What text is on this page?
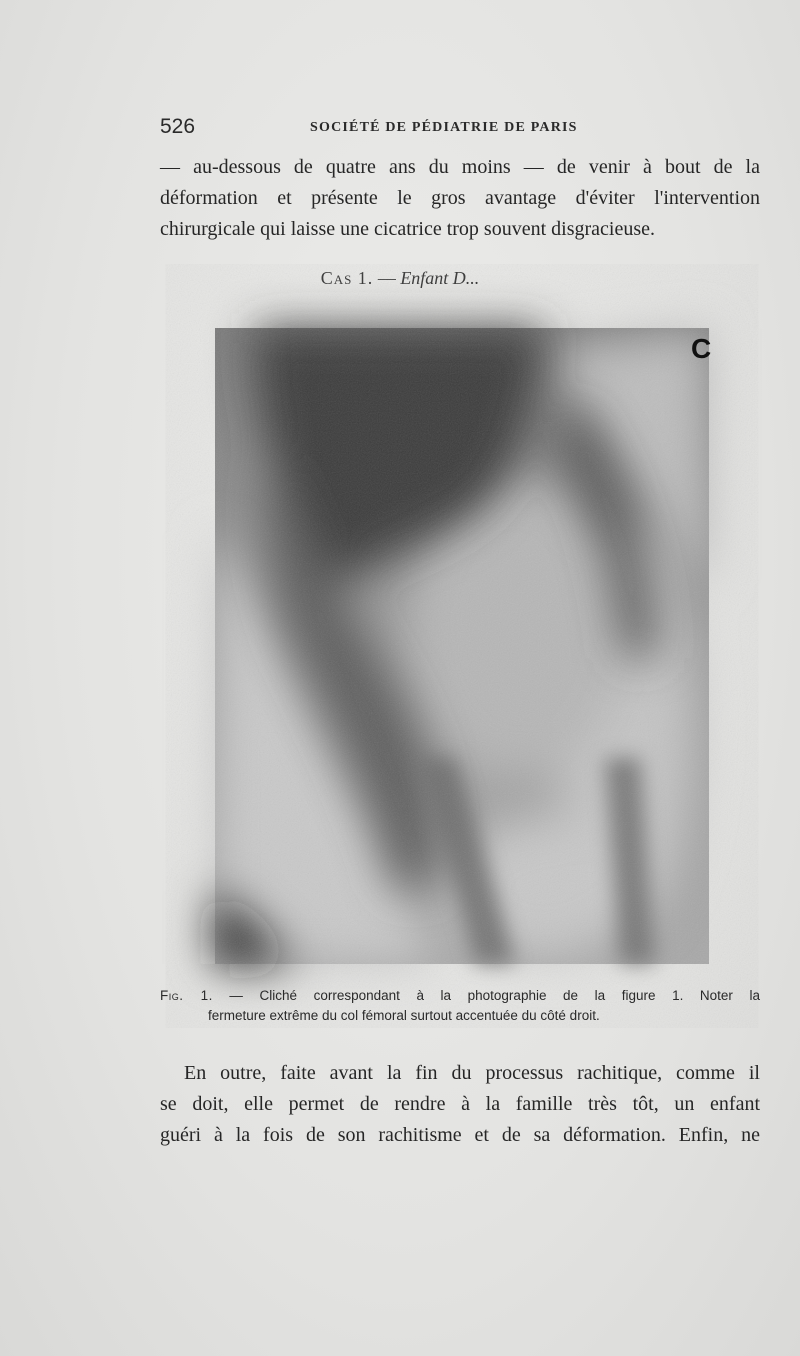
526	SOCIÉTÉ DE PÉDIATRIE DE PARIS

— au-dessous de quatre ans du moins — de venir à bout de la
déformation et présente le gros avantage d'éviter l'intervention
chirurgicale qui laisse une cicatrice trop souvent disgracieuse.

Cas 1. — Enfant D...
C
Fig. 1. — Cliché correspondant à la photographie de la figure 1. Noter la
fermeture extrême du col fémoral surtout accentuée du côté droit.

En outre, faite avant la fin du processus rachitique, comme il
se doit, elle permet de rendre à la famille très tôt, un enfant
guéri à la fois de son rachitisme et de sa déformation. Enfin, ne
